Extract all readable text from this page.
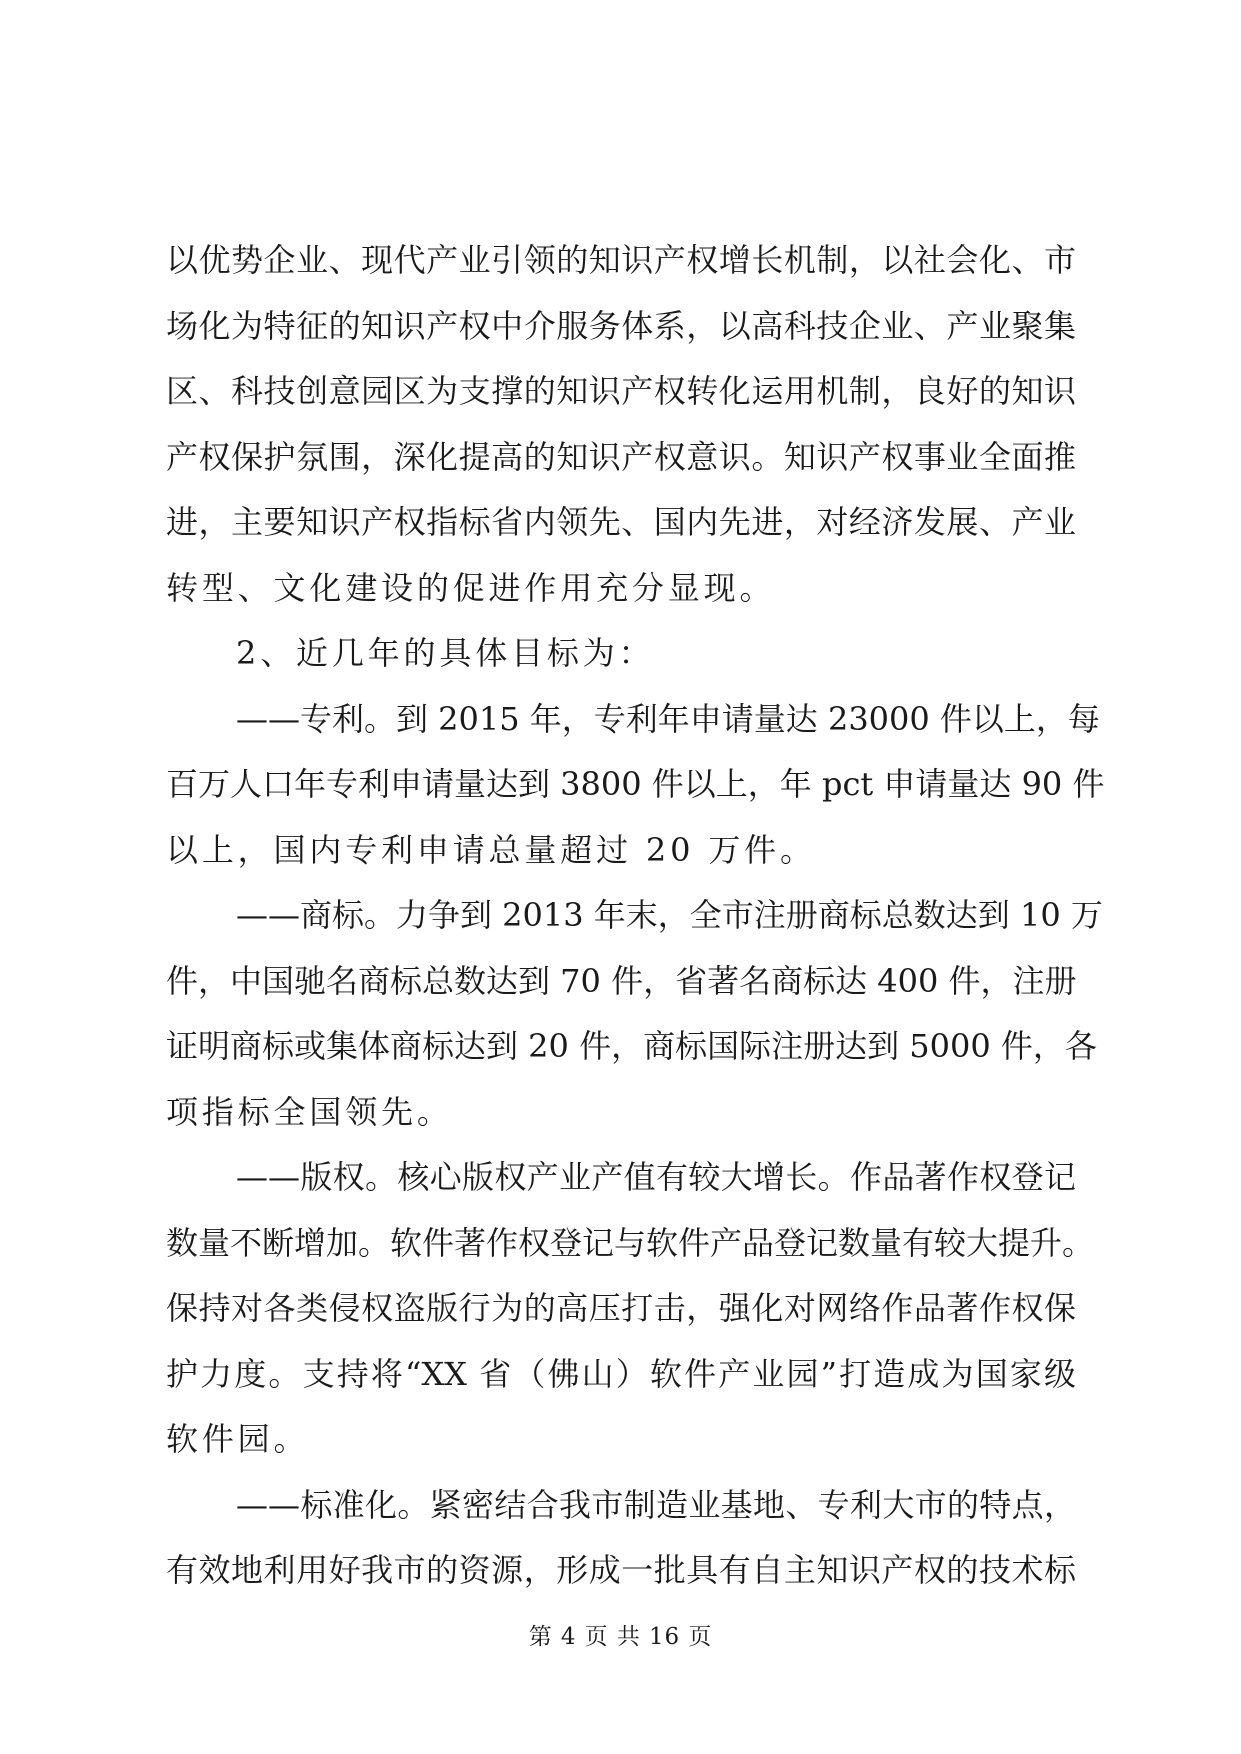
以优势企业、现代产业引领的知识产权增长机制，以社会化、市
场化为特征的知识产权中介服务体系，以高科技企业、产业聚集
区、科技创意园区为支撑的知识产权转化运用机制，良好的知识
产权保护氛围，深化提高的知识产权意识。知识产权事业全面推
进，主要知识产权指标省内领先、国内先进，对经济发展、产业
转型、文化建设的促进作用充分显现。
2、近几年的具体目标为：
——专利。到 2015 年，专利年申请量达 23000 件以上，每
百万人口年专利申请量达到 3800 件以上，年 pct 申请量达 90 件
以上，国内专利申请总量超过 20 万件。
——商标。力争到 2013 年末，全市注册商标总数达到 10 万
件，中国驰名商标总数达到 70 件，省著名商标达 400 件，注册
证明商标或集体商标达到 20 件，商标国际注册达到 5000 件，各
项指标全国领先。
——版权。核心版权产业产值有较大增长。作品著作权登记
数量不断增加。软件著作权登记与软件产品登记数量有较大提升。
保持对各类侵权盗版行为的高压打击，强化对网络作品著作权保
护力度。支持将“XX 省（佛山）软件产业园”打造成为国家级
软件园。
——标准化。紧密结合我市制造业基地、专利大市的特点，
有效地利用好我市的资源，形成一批具有自主知识产权的技术标
第 4 页 共 16 页
